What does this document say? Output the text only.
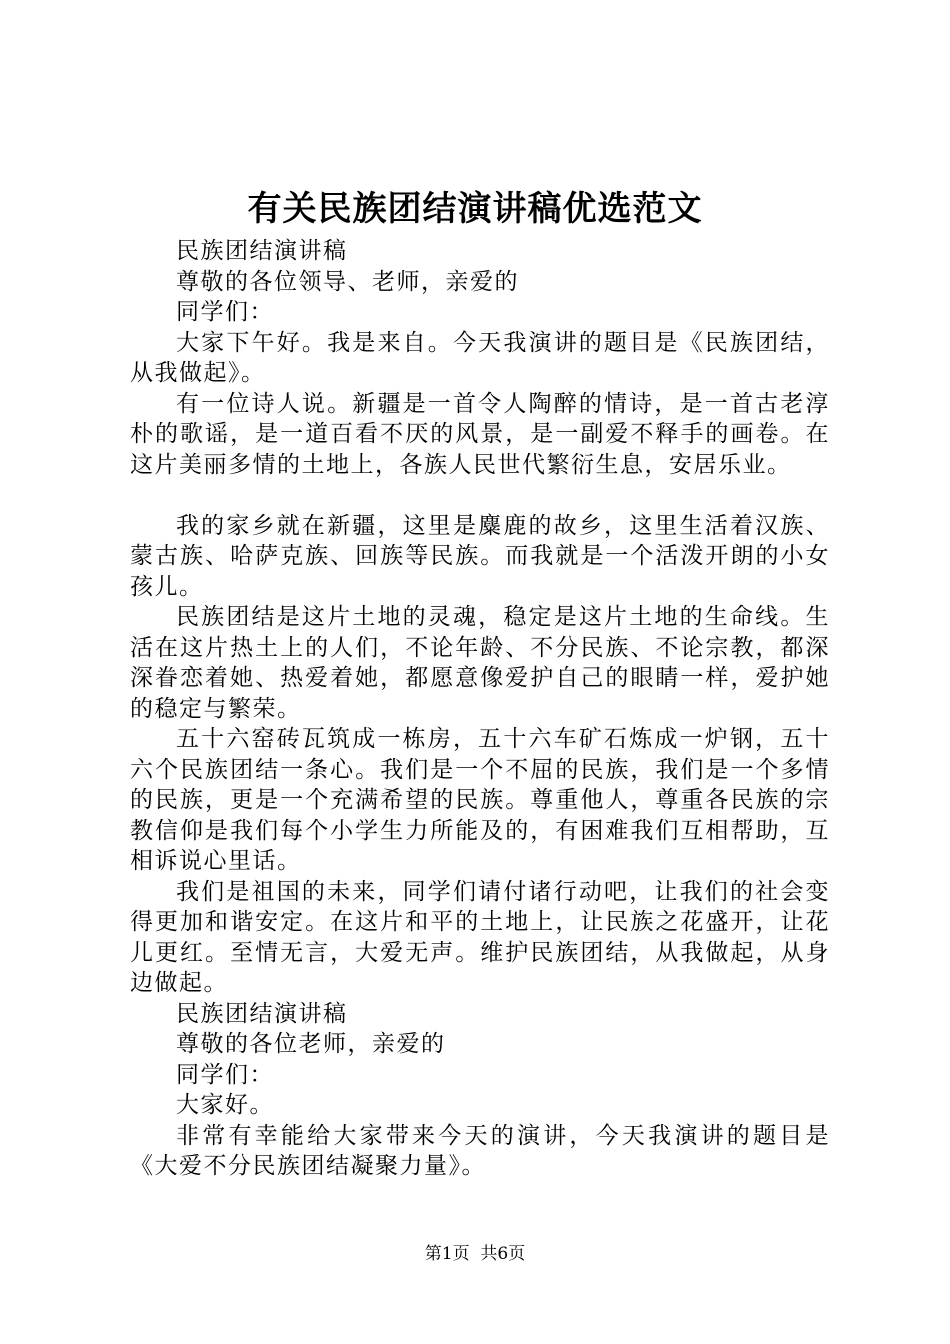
有关民族团结演讲稿优选范文

民族团结演讲稿

尊敬的各位领导、老师，亲爱的

同学们：

大家下午好。我是来自。今天我演讲的题目是《民族团结，从我做起》。

有一位诗人说。新疆是一首令人陶醉的情诗，是一首古老淳朴的歌谣，是一道百看不厌的风景，是一副爱不释手的画卷。在这片美丽多情的土地上，各族人民世代繁衍生息，安居乐业。

我的家乡就在新疆，这里是麋鹿的故乡，这里生活着汉族、蒙古族、哈萨克族、回族等民族。而我就是一个活泼开朗的小女孩儿。

民族团结是这片土地的灵魂，稳定是这片土地的生命线。生活在这片热土上的人们，不论年龄、不分民族、不论宗教，都深深眷恋着她、热爱着她，都愿意像爱护自己的眼睛一样，爱护她的稳定与繁荣。

五十六窑砖瓦筑成一栋房，五十六车矿石炼成一炉钢，五十六个民族团结一条心。我们是一个不屈的民族，我们是一个多情的民族，更是一个充满希望的民族。尊重他人，尊重各民族的宗教信仰是我们每个小学生力所能及的，有困难我们互相帮助，互相诉说心里话。

我们是祖国的未来，同学们请付诸行动吧，让我们的社会变得更加和谐安定。在这片和平的土地上，让民族之花盛开，让花儿更红。至情无言，大爱无声。维护民族团结，从我做起，从身边做起。

民族团结演讲稿

尊敬的各位老师，亲爱的

同学们：

大家好。

非常有幸能给大家带来今天的演讲，今天我演讲的题目是《大爱不分民族团结凝聚力量》。

第1页  共6页
